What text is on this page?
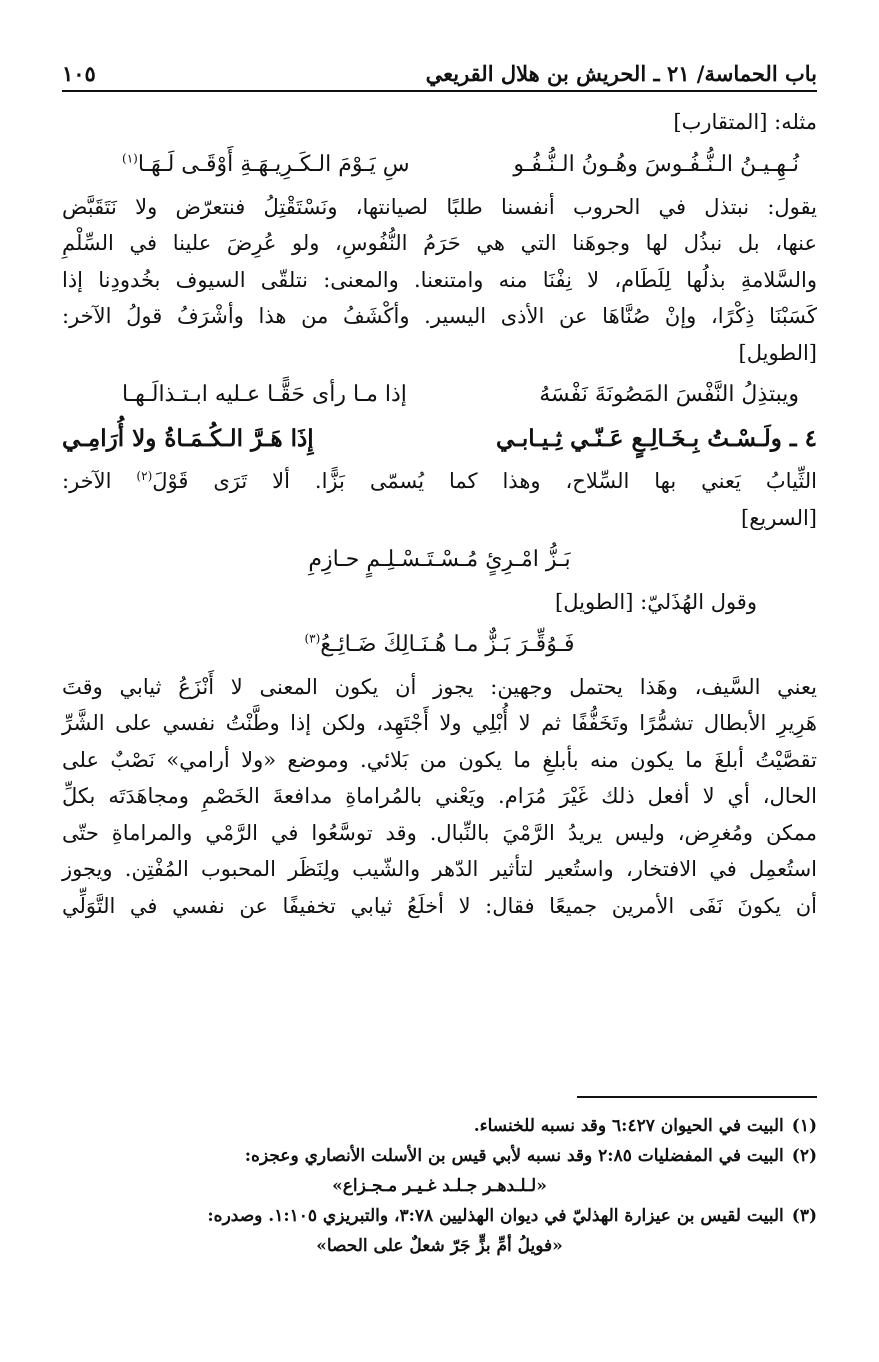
باب الحماسة/ ٢١ ـ الحريش بن هلال القريعي
١٠٥

مثله: [المتقارب]

نُـهِـيـنُ الـنُّـفُـوسَ وهُـونُ الـنُّـفُـو
سِ يَـوْمَ الـكَـرِيـهَـةِ أَوْقَـى لَـهَـا$^{(١)}$

يقول: نبتذل في الحروب أنفسنا طلبًا لصيانتها، ونَسْتَقْتِلُ فنتعرّض ولا نَتَقَبَّض

عنها، بل نبذُل لها وجوهَنا التي هي حَرَمُ النُّفُوسِ، ولو عُرِضَ علينا في السِّلْمِ

والسَّلامةِ بذلُها لِلَطَام، لا نِفْنَا منه وامتنعنا. والمعنى: نتلقّى السيوف بخُدودِنا إذا

كَسَبْنَا ذِكْرًا، وإنْ صُنَّاهَا عن الأذى اليسير. وأكْشَفُ من هذا وأشْرَفُ قولُ الآخر:

[الطويل]

ويبتذِلُ النَّفْسَ المَصُونَةَ نَفْسَهُ
إذا مـا رأى حَقًّـا عـليه ابـتـذالَـهـا
٤ ـ ولَـسْـتُ بِـخَـالِـعٍ عَـنّـي ثِـيـابـي
إِذَا هَـرَّ الـكُـمَـاةُ ولا أُرَامِـي

الثِّيابُ يَعني بها السِّلاح، وهذا كما يُسمّى بَزًّا. ألا تَرَى قَوْلَ$^{(٢)}$ الآخر:

[السريع]

بَـزُّ امْـرِئٍ مُـسْـتَـسْـلِـمٍ حـازِمِ

وقول الهُذَليّ: [الطويل]

فَـوُقِّـرَ بَـزٌّ مـا هُـنَـالِكَ ضَـائِـعُ$^{(٣)}$

يعني السَّيف، وهَذا يحتمل وجهين: يجوز أن يكون المعنى لا أَنْزَعُ ثيابي وقتَ

هَرِيرِ الأبطال تشمُّرًا وتَخَفُّفًا ثم لا أُبْلِي ولا أَجْتَهِد، ولكن إذا وطَّنْتُ نفسي على الشَّرِّ

تقصَّيْتُ أبلغَ ما يكون منه بأبلغِ ما يكون من بَلائي. وموضع «ولا أرامي» نَصْبٌ على

الحال، أي لا أفعل ذلك غَيْرَ مُرَام. ويَعْني بالمُراماةِ مدافعةَ الخَصْمِ ومجاهَدَتَه بكلِّ

ممكن ومُغرِض، وليس يريدُ الرَّمْيَ بالنِّبال. وقد توسَّعُوا في الرَّمْي والمراماةِ حتّى

استُعمِل في الافتخار، واستُعير لتأثير الدّهر والشّيب ولِنَظَر المحبوب المُفْتِن. ويجوز

أن يكونَ نَفَى الأمرين جميعًا فقال: لا أخلَعُ ثيابي تخفيفًا عن نفسي في التَّوَلِّي

(١)
البيت في الحيوان ٦:٤٢٧ وقد نسبه للخنساء.
(٢)
البيت في المفضليات ٢:٨٥ وقد نسبه لأبي قيس بن الأسلت الأنصاري وعجزه:
«لـلـدهـر جـلـد غـيـر مـجـزاع»
(٣)
البيت لقيس بن عيزارة الهذليّ في ديوان الهذليين ٣:٧٨، والتبريزي ١:١٠٥. وصدره:
«فويلُ أمِّ بزٍّ جَرّ شعلٌ على الحصا»
